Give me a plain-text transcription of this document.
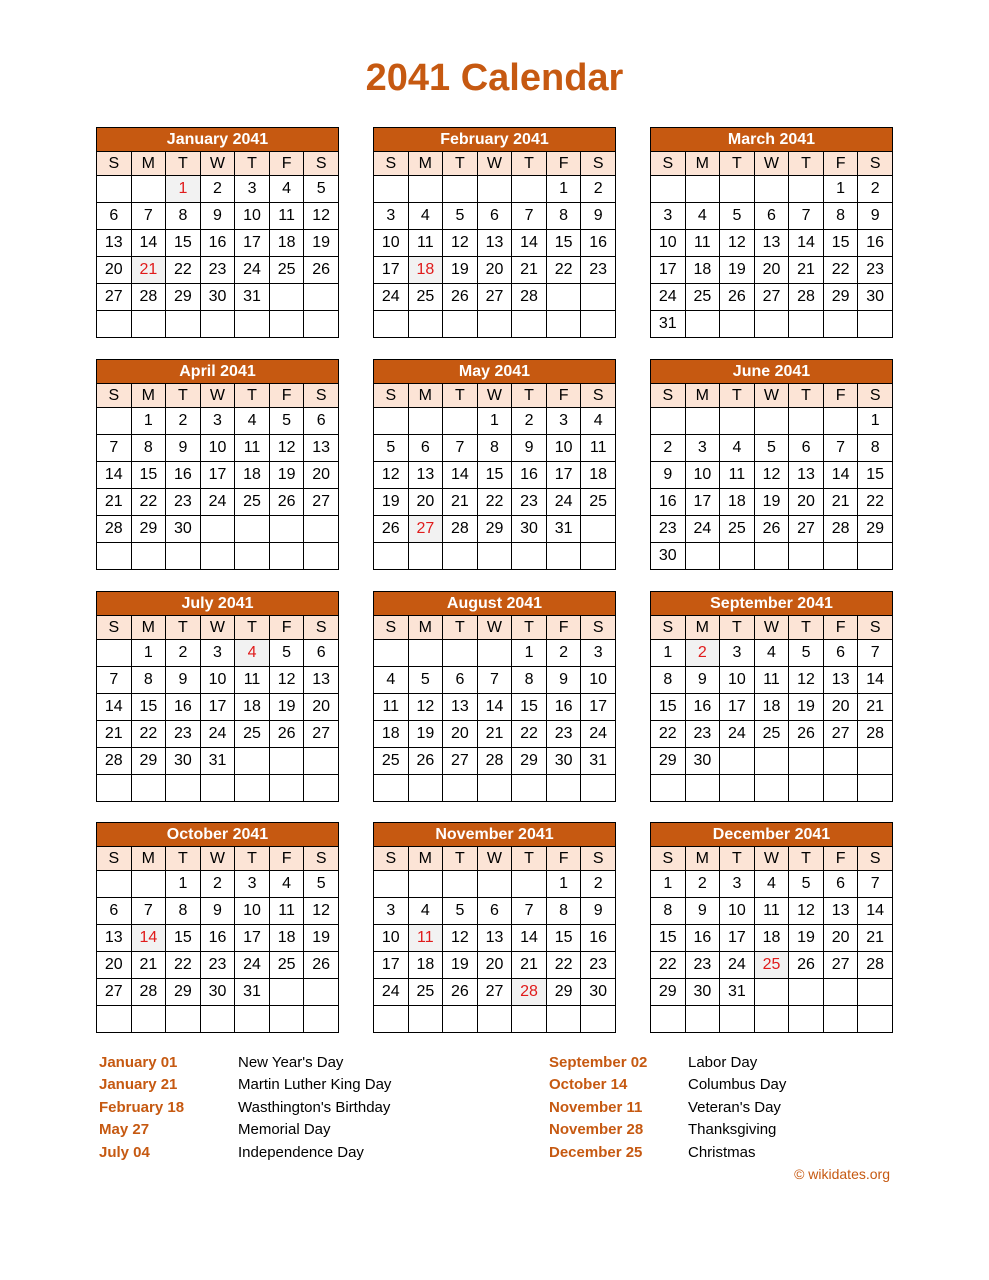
2041 Calendar
January 2041						
S	M	T	W	T	F	S
		1	2	3	4	5
6	7	8	9	10	11	12
13	14	15	16	17	18	19
20	21	22	23	24	25	26
27	28	29	30	31		

February 2041						
S	M	T	W	T	F	S
					1	2
3	4	5	6	7	8	9
10	11	12	13	14	15	16
17	18	19	20	21	22	23
24	25	26	27	28		

March 2041						
S	M	T	W	T	F	S
					1	2
3	4	5	6	7	8	9
10	11	12	13	14	15	16
17	18	19	20	21	22	23
24	25	26	27	28	29	30
31						
April 2041						
S	M	T	W	T	F	S
	1	2	3	4	5	6
7	8	9	10	11	12	13
14	15	16	17	18	19	20
21	22	23	24	25	26	27
28	29	30				

May 2041						
S	M	T	W	T	F	S
			1	2	3	4
5	6	7	8	9	10	11
12	13	14	15	16	17	18
19	20	21	22	23	24	25
26	27	28	29	30	31	

June 2041						
S	M	T	W	T	F	S
						1
2	3	4	5	6	7	8
9	10	11	12	13	14	15
16	17	18	19	20	21	22
23	24	25	26	27	28	29
30						
July 2041						
S	M	T	W	T	F	S
	1	2	3	4	5	6
7	8	9	10	11	12	13
14	15	16	17	18	19	20
21	22	23	24	25	26	27
28	29	30	31			

August 2041						
S	M	T	W	T	F	S
				1	2	3
4	5	6	7	8	9	10
11	12	13	14	15	16	17
18	19	20	21	22	23	24
25	26	27	28	29	30	31

September 2041						
S	M	T	W	T	F	S
1	2	3	4	5	6	7
8	9	10	11	12	13	14
15	16	17	18	19	20	21
22	23	24	25	26	27	28
29	30					

October 2041						
S	M	T	W	T	F	S
		1	2	3	4	5
6	7	8	9	10	11	12
13	14	15	16	17	18	19
20	21	22	23	24	25	26
27	28	29	30	31		

November 2041						
S	M	T	W	T	F	S
					1	2
3	4	5	6	7	8	9
10	11	12	13	14	15	16
17	18	19	20	21	22	23
24	25	26	27	28	29	30

December 2041						
S	M	T	W	T	F	S
1	2	3	4	5	6	7
8	9	10	11	12	13	14
15	16	17	18	19	20	21
22	23	24	25	26	27	28
29	30	31				

January 01	New Year's Day
January 21	Martin Luther King Day
February 18	Wasthington's Birthday
May 27	Memorial Day
July 04	Independence Day
September 02	Labor Day
October 14	Columbus Day
November 11	Veteran's Day
November 28	Thanksgiving
December 25	Christmas
© wikidates.org
